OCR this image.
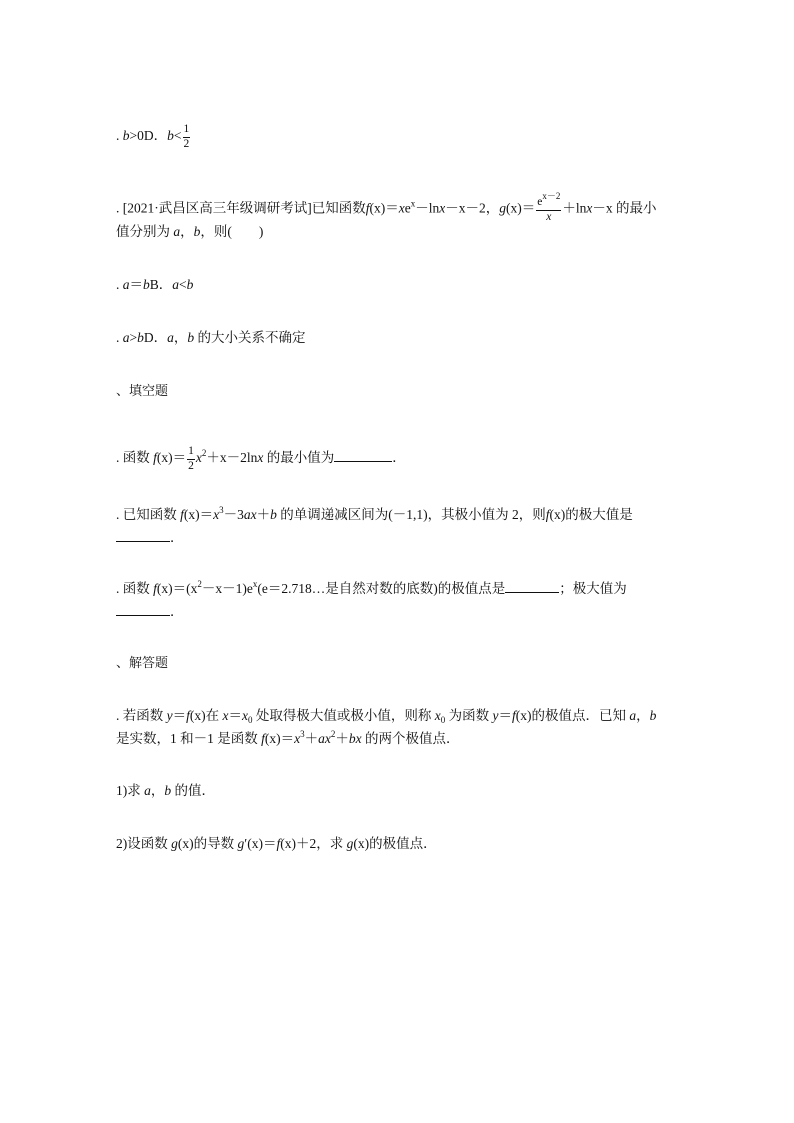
. b>0D．$b< \frac{1}{2}$
. [2021·武昌区高三年级调研考试]已知函数$f(x)=xe^x-\ln x-x-2$，$g(x)= \frac{e^{x-2}}{x} +\ln x-x$ 的最小
值分别为 a，b，则(　　)
. a＝bB．a<b
. a>bD．a，b 的大小关系不确定
、填空题
. 函数 $f(x)= \frac{1}{2} x^2+x-2\ln x$ 的最小值为	．
. 已知函数 $f(x)=x^3-3ax+b$ 的单调递减区间为(－1,1)，其极小值为 2，则f(x)的极大值是
．
. 函数 $f(x)=(x^2-x-1)e^x(e=2.718\dots$是自然对数的底数)的极值点是	；极大值为
．
、解答题
. 若函数 y＝f(x)在 $x=x_0$ 处取得极大值或极小值，则称 $x_0$ 为函数 y＝f(x)的极值点．已知 a，b
是实数，1 和－1 是函数 $f(x)=x^3+ax^2+bx$ 的两个极值点．
1)求 a，b 的值．
2)设函数 g(x)的导数 g′(x)＝f(x)＋2，求 g(x)的极值点．
